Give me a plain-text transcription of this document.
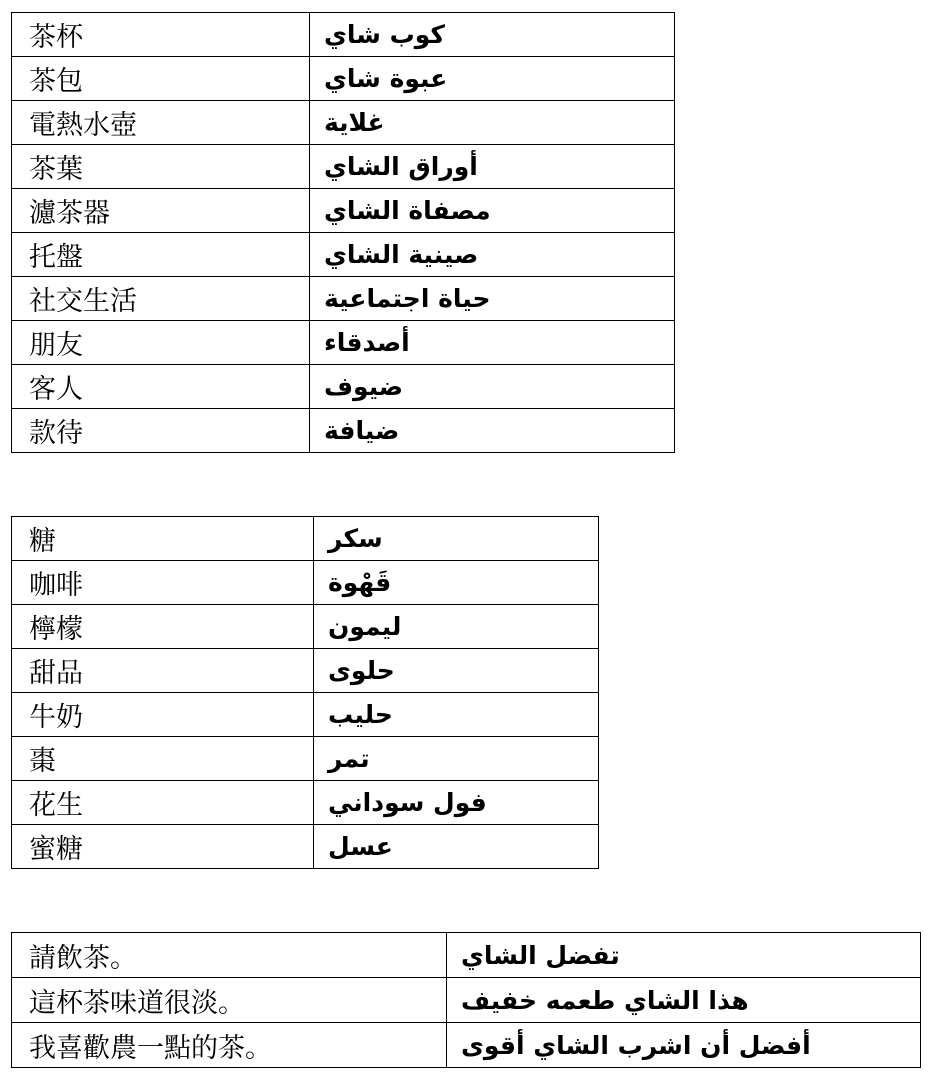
茶杯	كوب شاي
茶包	عبوة شاي
電熱水壺	غلاية
茶葉	أوراق الشاي
濾茶器	مصفاة الشاي
托盤	صينية الشاي
社交生活	حياة اجتماعية
朋友	أصدقاء
客人	ضيوف
款待	ضيافة
糖	سكر
咖啡	قَهْوة
檸檬	ليمون
甜品	حلوى
牛奶	حليب
棗	تمر
花生	فول سوداني
蜜糖	عسل
請飲茶。	تفضل الشاي
這杯茶味道很淡。	هذا الشاي طعمه خفيف
我喜歡農一點的茶。	أفضل أن اشرب الشاي أقوى
